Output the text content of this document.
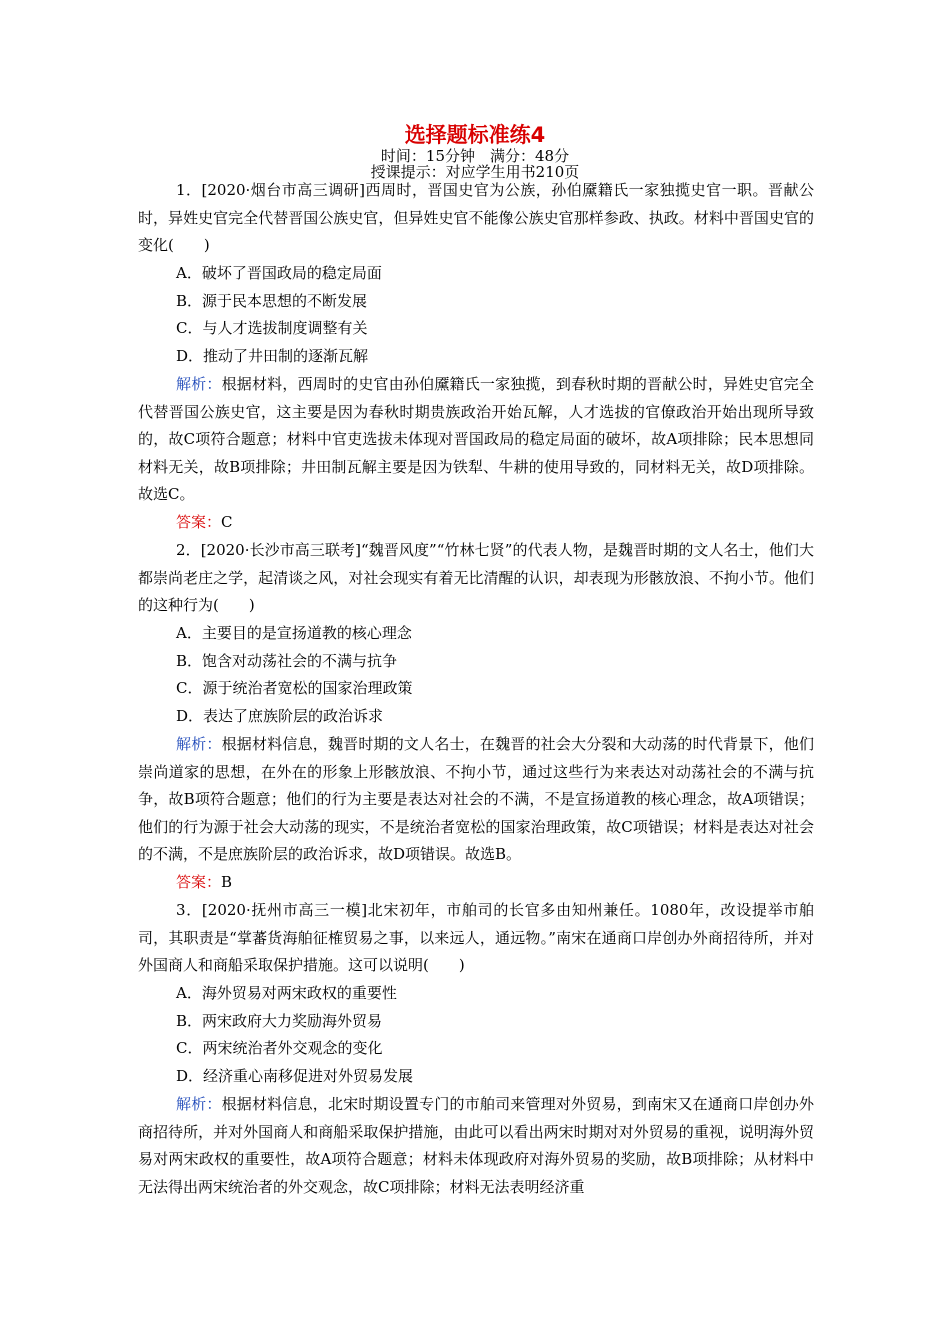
选择题标准练4
时间：15分钟　满分：48分
授课提示：对应学生用书210页
1．[2020·烟台市高三调研]西周时，晋国史官为公族，孙伯黡籍氏一家独揽史官一职。晋献公时，异姓史官完全代替晋国公族史官，但异姓史官不能像公族史官那样参政、执政。材料中晋国史官的变化(　　)
A．破坏了晋国政局的稳定局面
B．源于民本思想的不断发展
C．与人才选拔制度调整有关
D．推动了井田制的逐渐瓦解
解析：根据材料，西周时的史官由孙伯黡籍氏一家独揽，到春秋时期的晋献公时，异姓史官完全代替晋国公族史官，这主要是因为春秋时期贵族政治开始瓦解，人才选拔的官僚政治开始出现所导致的，故C项符合题意；材料中官吏选拔未体现对晋国政局的稳定局面的破坏，故A项排除；民本思想同材料无关，故B项排除；井田制瓦解主要是因为铁犁、牛耕的使用导致的，同材料无关，故D项排除。故选C。
答案：C
2．[2020·长沙市高三联考]“魏晋风度”“竹林七贤”的代表人物，是魏晋时期的文人名士，他们大都崇尚老庄之学，起清谈之风，对社会现实有着无比清醒的认识，却表现为形骸放浪、不拘小节。他们的这种行为(　　)
A．主要目的是宣扬道教的核心理念
B．饱含对动荡社会的不满与抗争
C．源于统治者宽松的国家治理政策
D．表达了庶族阶层的政治诉求
解析：根据材料信息，魏晋时期的文人名士，在魏晋的社会大分裂和大动荡的时代背景下，他们崇尚道家的思想，在外在的形象上形骸放浪、不拘小节，通过这些行为来表达对动荡社会的不满与抗争，故B项符合题意；他们的行为主要是表达对社会的不满，不是宣扬道教的核心理念，故A项错误；他们的行为源于社会大动荡的现实，不是统治者宽松的国家治理政策，故C项错误；材料是表达对社会的不满，不是庶族阶层的政治诉求，故D项错误。故选B。
答案：B
3．[2020·抚州市高三一模]北宋初年，市舶司的长官多由知州兼任。1080年，改设提举市舶司，其职责是“掌蕃货海舶征榷贸易之事，以来远人，通远物。”南宋在通商口岸创办外商招待所，并对外国商人和商船采取保护措施。这可以说明(　　)
A．海外贸易对两宋政权的重要性
B．两宋政府大力奖励海外贸易
C．两宋统治者外交观念的变化
D．经济重心南移促进对外贸易发展
解析：根据材料信息，北宋时期设置专门的市舶司来管理对外贸易，到南宋又在通商口岸创办外商招待所，并对外国商人和商船采取保护措施，由此可以看出两宋时期对对外贸易的重视，说明海外贸易对两宋政权的重要性，故A项符合题意；材料未体现政府对海外贸易的奖励，故B项排除；从材料中无法得出两宋统治者的外交观念，故C项排除；材料无法表明经济重
